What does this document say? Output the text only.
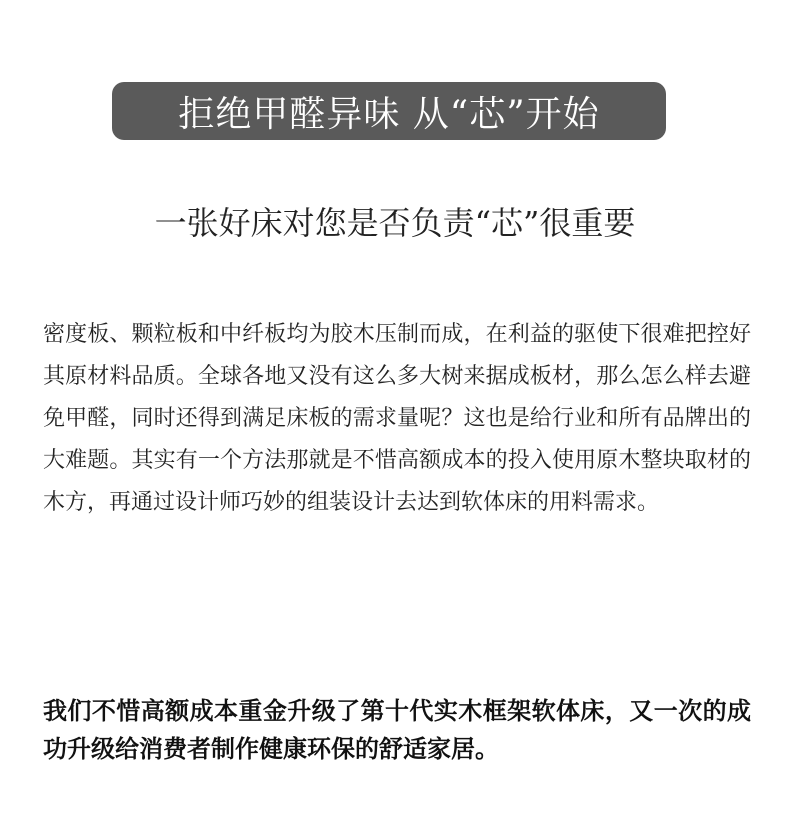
拒绝甲醛异味 从“芯”开始
一张好床对您是否负责“芯”很重要
密度板、颗粒板和中纤板均为胶木压制而成，在利益的驱使下很难把控好其原材料品质。全球各地又没有这么多大树来据成板材，那么怎么样去避免甲醛，同时还得到满足床板的需求量呢？这也是给行业和所有品牌出的大难题。其实有一个方法那就是不惜高额成本的投入使用原木整块取材的木方，再通过设计师巧妙的组装设计去达到软体床的用料需求。
我们不惜高额成本重金升级了第十代实木框架软体床，又一次的成功升级给消费者制作健康环保的舒适家居。
